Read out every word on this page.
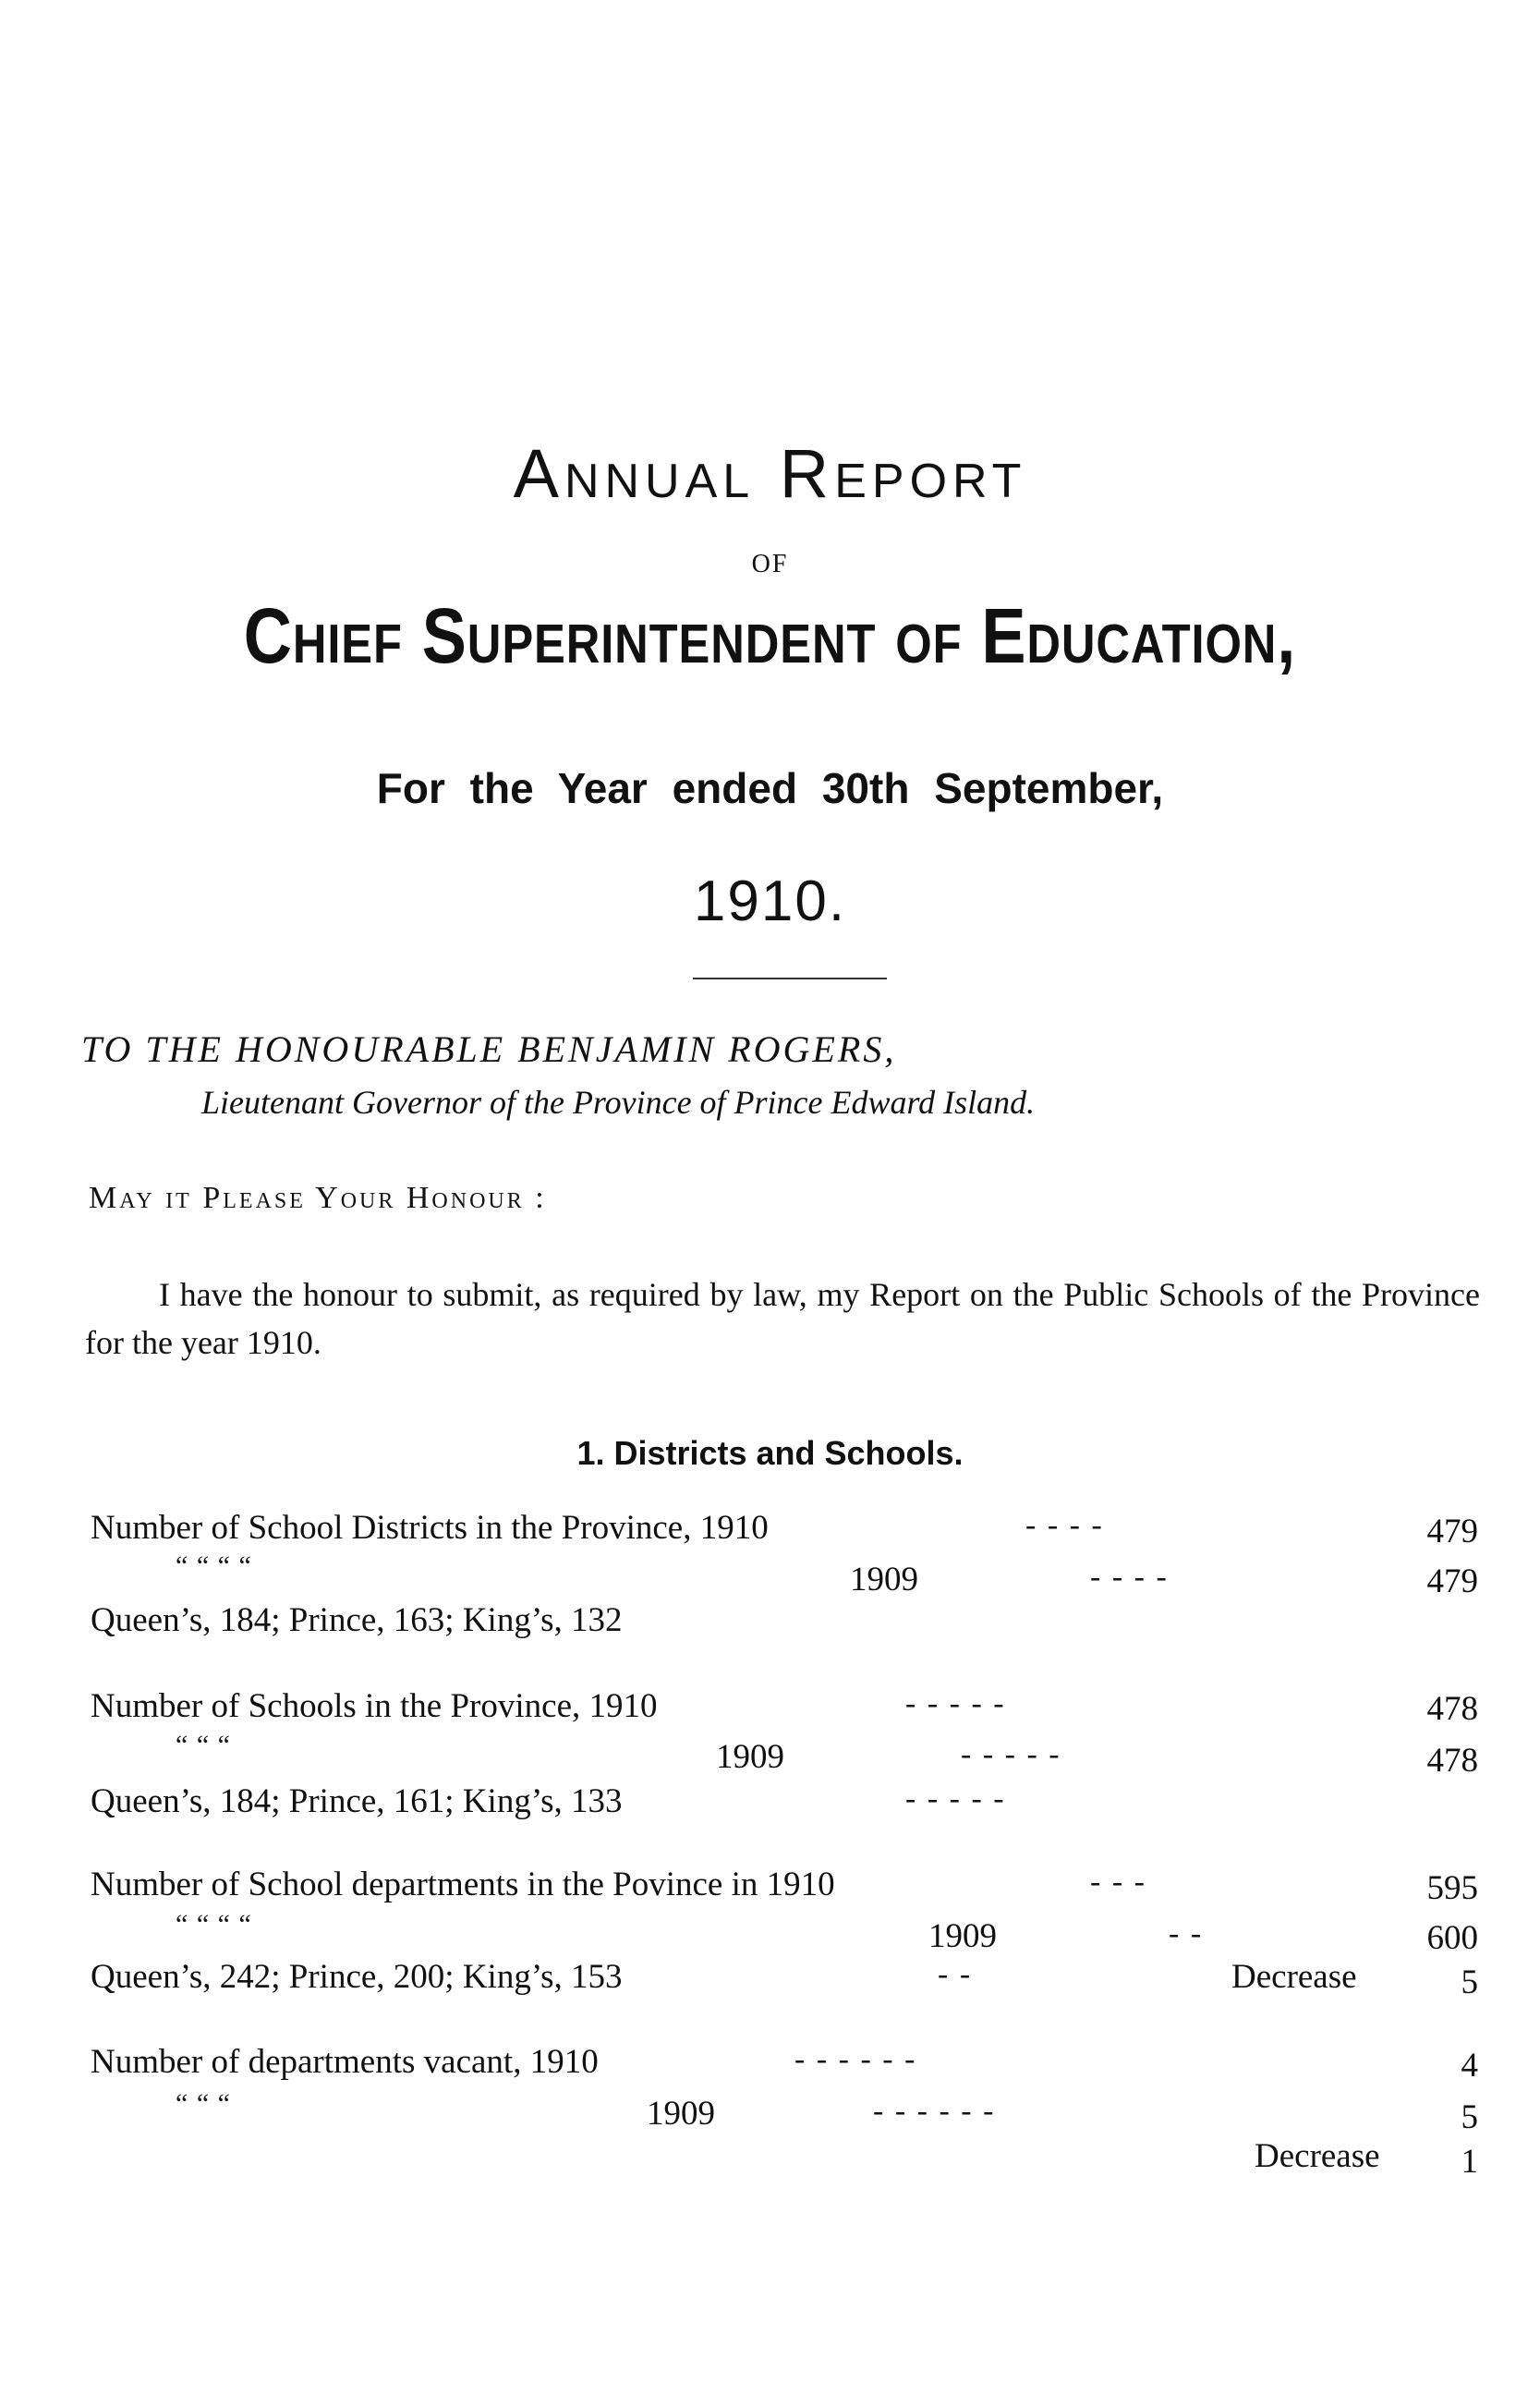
Annual Report
OF
Chief Superintendent of Education,
For the Year ended 30th September,
1910.
TO THE HONOURABLE BENJAMIN ROGERS,
Lieutenant Governor of the Province of Prince Edward Island.
May it Please Your Honour :
I have the honour to submit, as required by law, my Report on the Public Schools of the Province for the year 1910.
1. Districts and Schools.
Number of School Districts in the Province, 1910	- - - -	479
“ “ “ “	1909	- - - -	479
Queen’s, 184; Prince, 163; King’s, 132
Number of Schools in the Province, 1910	- - - - -	478
“ “ “	1909	- - - - -	478
Queen’s, 184; Prince, 161; King’s, 133	- - - - -
Number of School departments in the Povince in 1910	- - -	595
“ “ “ “	1909	- -	600
Queen’s, 242; Prince, 200; King’s, 153	- -	Decrease	5
Number of departments vacant, 1910	- - - - - -	4
“ “ “	1909	- - - - - -	5
Decrease	1
